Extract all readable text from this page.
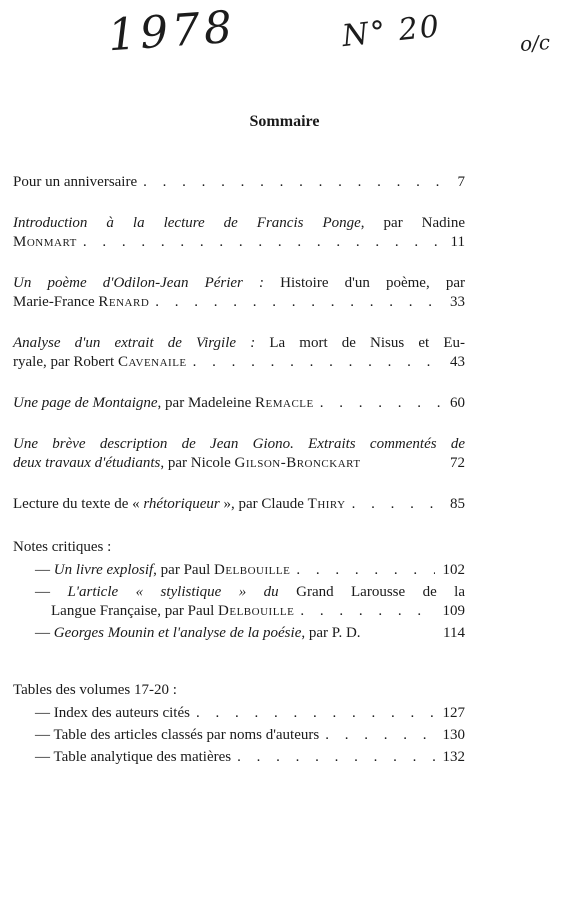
1978	N° 20	o/c
Sommaire
Pour un anniversaire . . .	7
Introduction à la lecture de Francis Ponge, par Nadine
Monmart . . .	11
Un poème d'Odilon-Jean Périer : Histoire d'un poème, par
Marie-France Renard . . .	33
Analyse d'un extrait de Virgile : La mort de Nisus et Eu-
ryale, par Robert Cavenaile . . .	43
Une page de Montaigne, par Madeleine Remacle . . .	60
Une brève description de Jean Giono. Extraits commentés de
deux travaux d'étudiants, par Nicole Gilson-Bronckart	72
Lecture du texte de « rhétoriqueur », par Claude Thiry . . .	85
Notes critiques :
— Un livre explosif, par Paul Delbouille . . .	102
— L'article « stylistique » du Grand Larousse de la
Langue Française, par Paul Delbouille . . .	109
— Georges Mounin et l'analyse de la poésie, par P. D.	114
Tables des volumes 17-20 :
— Index des auteurs cités . . .	127
— Table des articles classés par noms d'auteurs . . .	130
— Table analytique des matières . . .	132
